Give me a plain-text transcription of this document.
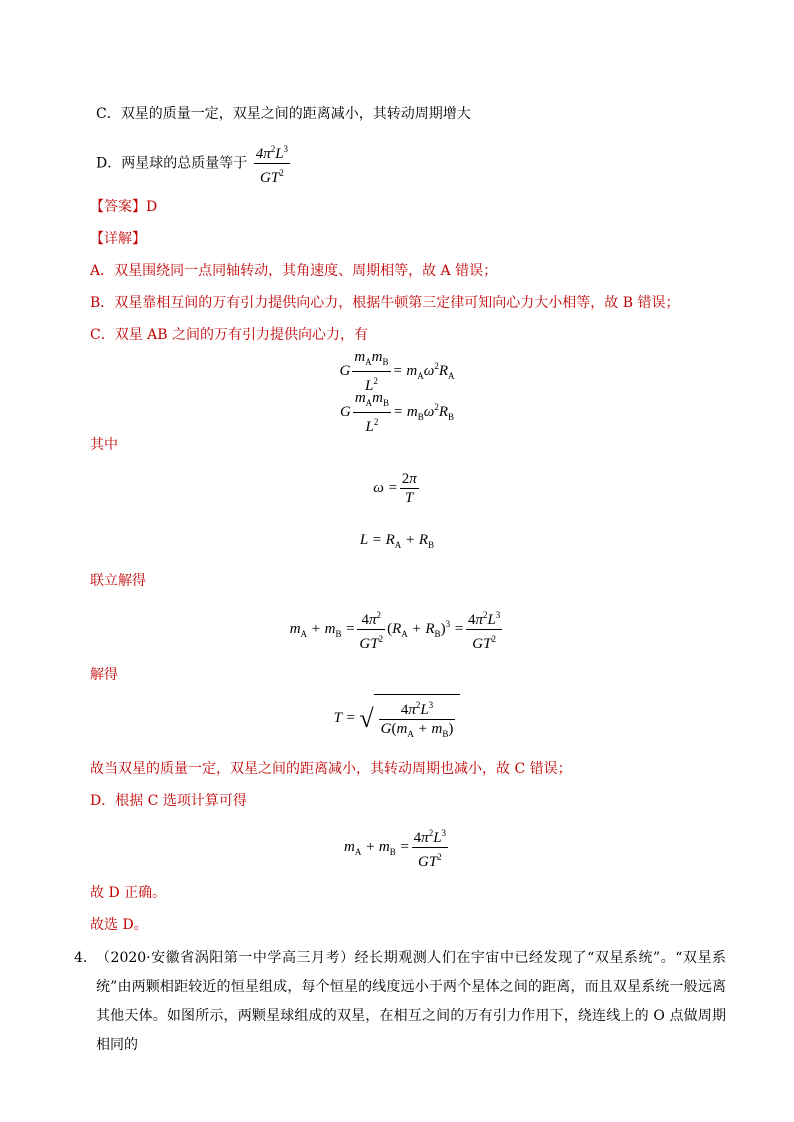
C．双星的质量一定，双星之间的距离减小，其转动周期增大
D．两星球的总质量等于 $\frac{4\pi^2L^3}{GT^2}$
【答案】D
【详解】
A．双星围绕同一点同轴转动，其角速度、周期相等，故 A 错误；
B．双星靠相互间的万有引力提供向心力，根据牛顿第三定律可知向心力大小相等，故 B 错误；
C．双星 AB 之间的万有引力提供向心力，有
G $\frac{m_Am_B}{L^2} = m_A\omega^2R_A$
G $\frac{m_Am_B}{L^2} = m_B\omega^2R_B$
其中
$\omega = \frac{2\pi}{T}$
$L = R_A + R_B$
联立解得
$m_A + m_B = \frac{4\pi^2}{GT^2} (R_A + R_B)^3 = \frac{4\pi^2L^3}{GT^2}$
解得
T = √ $\frac{4\pi^2L^3}{G(m_A + m_B)}$
故当双星的质量一定，双星之间的距离减小，其转动周期也减小，故 C 错误；
D．根据 C 选项计算可得
$m_A + m_B = \frac{4\pi^2L^3}{GT^2}$
故 D 正确。
故选 D。
4. （2020·安徽省涡阳第一中学高三月考）经长期观测人们在宇宙中已经发现了“双星系统”。“双星系统”由两颗相距较近的恒星组成，每个恒星的线度远小于两个星体之间的距离，而且双星系统一般远离其他天体。如图所示，两颗星球组成的双星，在相互之间的万有引力作用下，绕连线上的 O 点做周期相同的
